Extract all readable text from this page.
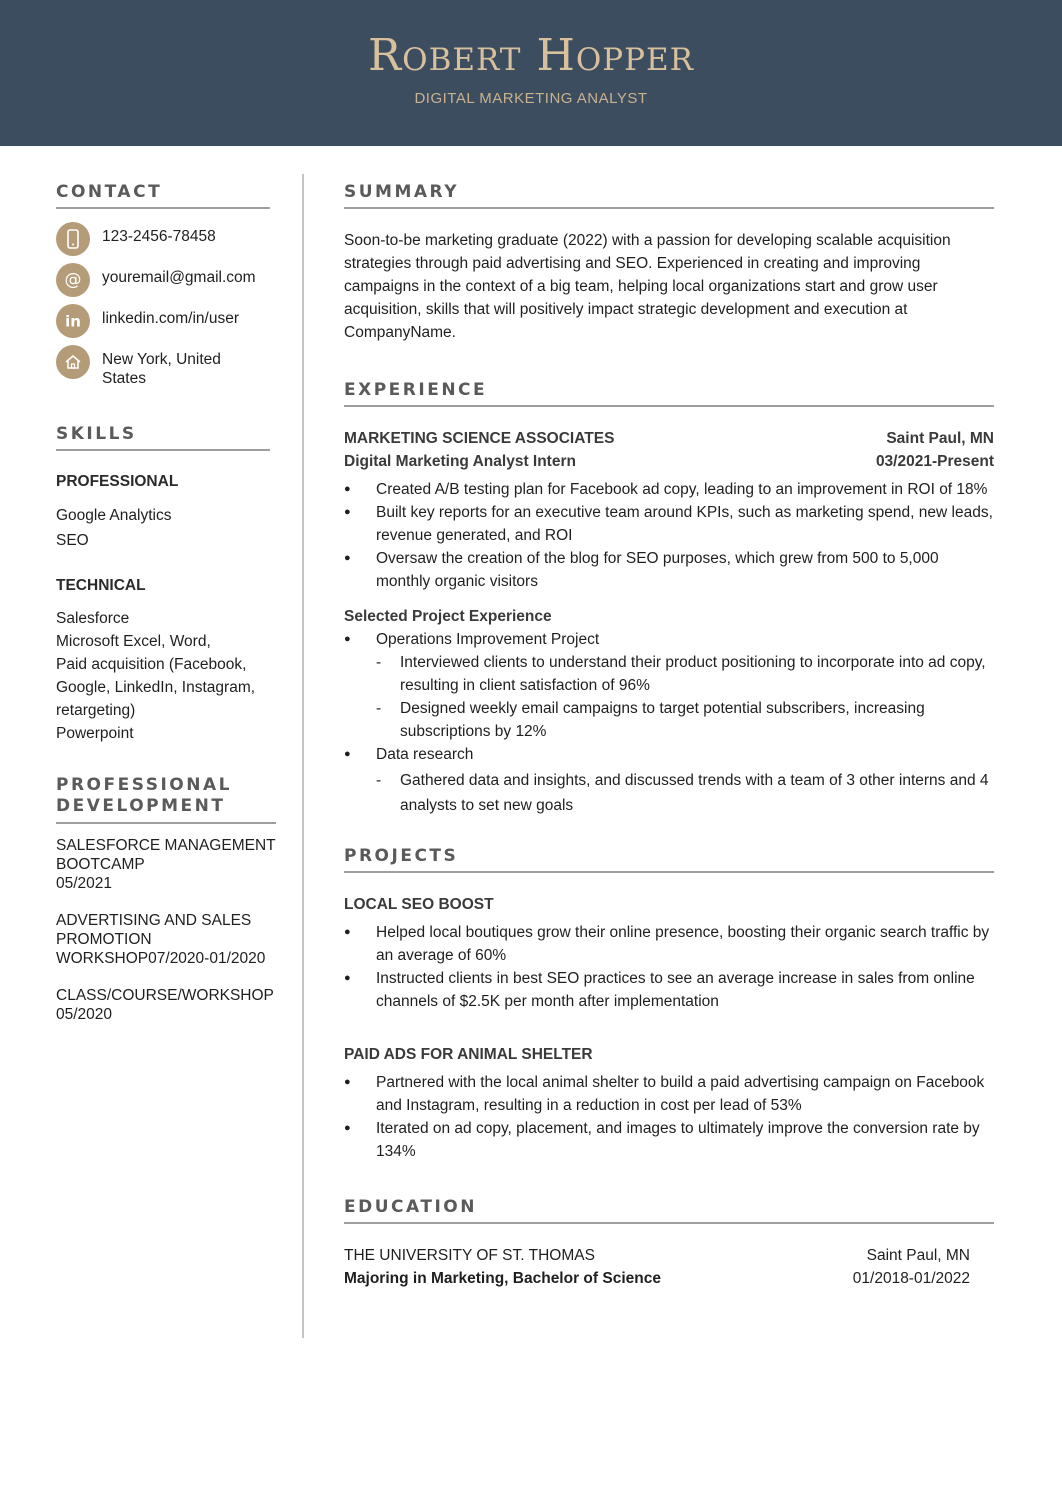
Robert Hopper
DIGITAL MARKETING ANALYST
CONTACT
123-2456-78458
@ youremail@gmail.com
in linkedin.com/in/user
New York, United States
SKILLS
PROFESSIONAL
Google Analytics
SEO
TECHNICAL
Salesforce
Microsoft Excel, Word,
Paid acquisition (Facebook, Google, LinkedIn, Instagram, retargeting)
Powerpoint
PROFESSIONAL DEVELOPMENT
SALESFORCE MANAGEMENT BOOTCAMP
05/2021
ADVERTISING AND SALES PROMOTION WORKSHOP07/2020-01/2020
CLASS/COURSE/WORKSHOP
05/2020
SUMMARY
Soon-to-be marketing graduate (2022) with a passion for developing scalable acquisition strategies through paid advertising and SEO. Experienced in creating and improving campaigns in the context of a big team, helping local organizations start and grow user acquisition, skills that will positively impact strategic development and execution at CompanyName.
EXPERIENCE
MARKETING SCIENCE ASSOCIATES	Saint Paul, MN
Digital Marketing Analyst Intern	03/2021-Present
● Created A/B testing plan for Facebook ad copy, leading to an improvement in ROI of 18%
● Built key reports for an executive team around KPIs, such as marketing spend, new leads, revenue generated, and ROI
● Oversaw the creation of the blog for SEO purposes, which grew from 500 to 5,000 monthly organic visitors
Selected Project Experience
● Operations Improvement Project
- Interviewed clients to understand their product positioning to incorporate into ad copy, resulting in client satisfaction of 96%
- Designed weekly email campaigns to target potential subscribers, increasing subscriptions by 12%
● Data research
- Gathered data and insights, and discussed trends with a team of 3 other interns and 4 analysts to set new goals
PROJECTS
LOCAL SEO BOOST
● Helped local boutiques grow their online presence, boosting their organic search traffic by an average of 60%
● Instructed clients in best SEO practices to see an average increase in sales from online channels of $2.5K per month after implementation
PAID ADS FOR ANIMAL SHELTER
● Partnered with the local animal shelter to build a paid advertising campaign on Facebook and Instagram, resulting in a reduction in cost per lead of 53%
● Iterated on ad copy, placement, and images to ultimately improve the conversion rate by 134%
EDUCATION
THE UNIVERSITY OF ST. THOMAS	Saint Paul, MN
Majoring in Marketing, Bachelor of Science	01/2018-01/2022
